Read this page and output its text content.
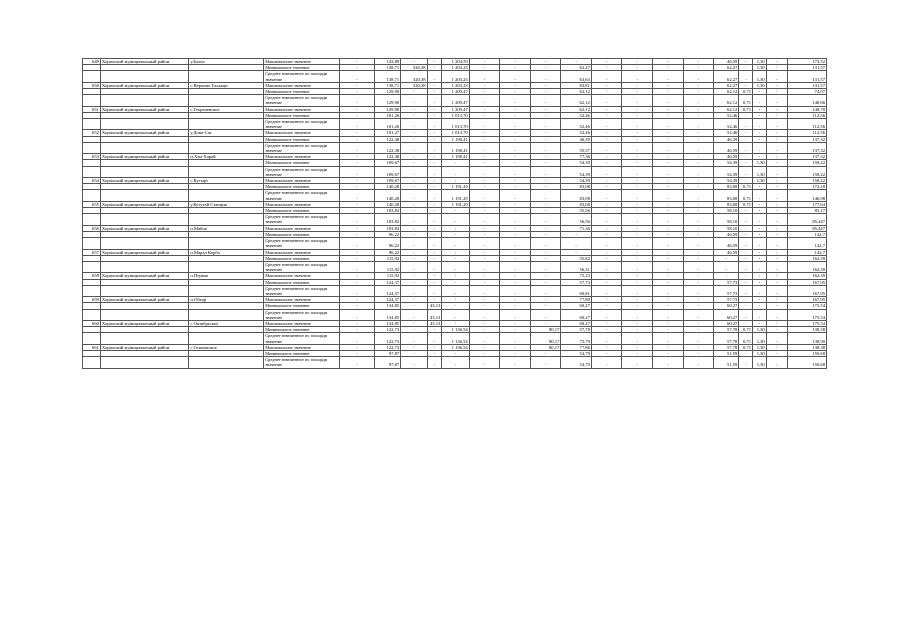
649	Хорихский муниципальный район	у.Бахча	Максимальное значение	-	143,89	-	-	1 204,59	-	-	-	-	-	-	-	-	46,59	-	1,30	-	173,52
			Минимальное значение	-	138,71	320,38	-	1 203,23	-	-	-	62,27	-	-	-	-	62,27	-	1,30	-	131,57
			Среднее взвешенное по площади значение	-	138,71	320,38	-	1 203,23	-	-	-	63,63	-	-	-	-	62,27	-	1,30	-	131,57
650	Хорихский муниципальный район	с.Верхние Талыщи	Максимальное значение	-	138,71	320,38	-	1 203,23	-	-	-	83,81	-	-	-	-	62,27	-	1,30	-	131,57
			Минимальное значение	-	129,90	-	-	1 209,47	-	-	-	62,12	-	-	-	-	62,12	0,71	-	-	74,07
			Среднее взвешенное по площади значение	-	129,90	-	-	1 209,47	-	-	-	62,12	-	-	-	-	62,12	0,71	-	-	148,66
651	Хорихский муниципальный район	с.Георгиевское	Максимальное значение	-	129,90	-	-	1 209,47	-	-	-	62,12	-	-	-	-	62,12	0,71	-	-	148,78
			Минимальное значение	-	101,26	-	-	1 013,70	-	-	-	52,46	-	-	-	-	52,46	-	-	-	112,56
			Среднее взвешенное по площади значение	-	101,26	-	-	1 013,70	-	-	-	52,46	-	-	-	-	52,46	-	-	-	112,56
652	Хорихский муниципальный район	у.Доко-Сат	Максимальное значение	-	101,27	-	-	1 013,70	-	-	-	52,46	-	-	-	-	52,46	-	-	-	112,56
			Минимальное значение	-	122,38	-	-	1 198,41	-	-	-	46,39	-	-	-	-	46,39	-	-	-	137,32
			Среднее взвешенное по площади значение	-	122,38	-	-	1 198,41	-	-	-	55,57	-	-	-	-	46,59	-	-	-	137,32
653	Хорихский муниципальный район	п.Хан-Харай	Максимальное значение	-	122,38	-	-	1 198,41	-	-	-	77,36	-	-	-	-	46,59	-	-	-	137,32
			Минимальное значение	-	109,67	-	-	-	-	-	-	54,39	-	-	-	-	54,39	-	1,30	-	158,22
			Среднее взвешенное по площади значение	-	109,67	-	-	-	-	-	-	54,39	-	-	-	-	54,39	-	1,30	-	158,22
654	Хорихский муниципальный район	с.Кутырт	Максимальное значение	-	109,67	-	-	-	-	-	-	54,39	-	-	-	-	54,39	-	1,30	-	158,22
			Минимальное значение	-	140,28	-	-	1 191,29	-	-	-	83,08	-	-	-	-	83,08	0,71	-	-	172,18
			Среднее взвешенное по площади значение	-	140,28	-	-	1 191,29	-	-	-	83,08	-	-	-	-	83,08	0,71	-	-	146,98
655	Хорихский муниципальный район	у.Кутугай Станция	Максимальное значение	-	140,28	-	-	1 191,29	-	-	-	83,08	-	-	-	-	83,08	0,71	-	-	177,64
			Минимальное значение	-	103,82	-	-	-	-	-	-	55,56	-	-	-	-	58,10	-	-	-	85,17
			Среднее взвешенное по площади значение	-	103,82	-	-	-	-	-	-	56,56	-	-	-	-	58,10	-	-	-	85,447
656	Хорихский муниципальный район	п.Майло	Максимальное значение	-	103,83	-	-	-	-	-	-	71,36	-	-	-	-	58,10	-	-	-	85,447
			Минимальное значение	-	96,22	-	-	-	-	-	-	-	-	-	-	-	46,59	-	-	-	142,7
			Среднее взвешенное по площади значение	-	96,22	-	-	-	-	-	-	-	-	-	-	-	46,59	-	-	-	142,7
657	Хорихский муниципальный район	п.Марал Корба	Максимальное значение	-	96,22	-	-	-	-	-	-	-	-	-	-	-	46,59	-	-	-	142,7
			Минимальное значение	-	115,92	-	-	-	-	-	-	55,82	-	-	-	-	-	-	-	-	162,39
			Среднее взвешенное по площади значение	-	115,92	-	-	-	-	-	-	56,31	-	-	-	-	-	-	-	-	162,39
658	Хорихский муниципальный район	п.Первак	Максимальное значение	-	115,92	-	-	-	-	-	-	75,23	-	-	-	-	-	-	-	-	162,39
			Минимальное значение	-	124,37	-	-	-	-	-	-	57,73	-	-	-	-	57,73	-	-	-	167,95
			Среднее взвешенное по площади значение	-	124,37	-	-	-	-	-	-	60,81	-	-	-	-	57,73	-	-	-	167,95
659	Хорихский муниципальный район	п.Обхор	Максимальное значение	-	124,37	-	-	-	-	-	-	77,80	-	-	-	-	57,73	-	-	-	167,95
			Минимальное значение	-	134,85	-	43,13	-	-	-	-	60,27	-	-	-	-	60,27	-	-	-	175,54
			Среднее взвешенное по площади значение	-	134,85	-	43,13	-	-	-	-	60,27	-	-	-	-	60,27	-	-	-	175,54
660	Хорихский муниципальный район	с.Октябрьское	Максимальное значение	-	134,85	-	43,13	-	-	-	-	60,27	-	-	-	-	60,27	-	-	-	175,54
			Минимальное значение	-	122,73	-	-	1 136,54	-	-	80,17	57,78	-	-	-	-	57,78	0,71	1,30	-	138,38
			Среднее взвешенное по площади значение	-	122,73	-	-	1 136,54	-	-	80,17	75,79	-	-	-	-	57,78	0,71	1,30	-	138,90
661	Хорихский муниципальный район	с.Осиновское	Максимальное значение	-	122,73	-	-	1 136,54	-	-	80,17	77,86	-	-	-	-	57,78	0,71	1,30	-	138,38
			Минимальное значение	-	97,87	-	-	-	-	-	-	54,79	-	-	-	-	51,59	-	1,30	-	150,68
			Среднее взвешенное по площади значение	-	97,87	-	-	-	-	-	-	54,79	-	-	-	-	51,59	-	1,30	-	150,68
